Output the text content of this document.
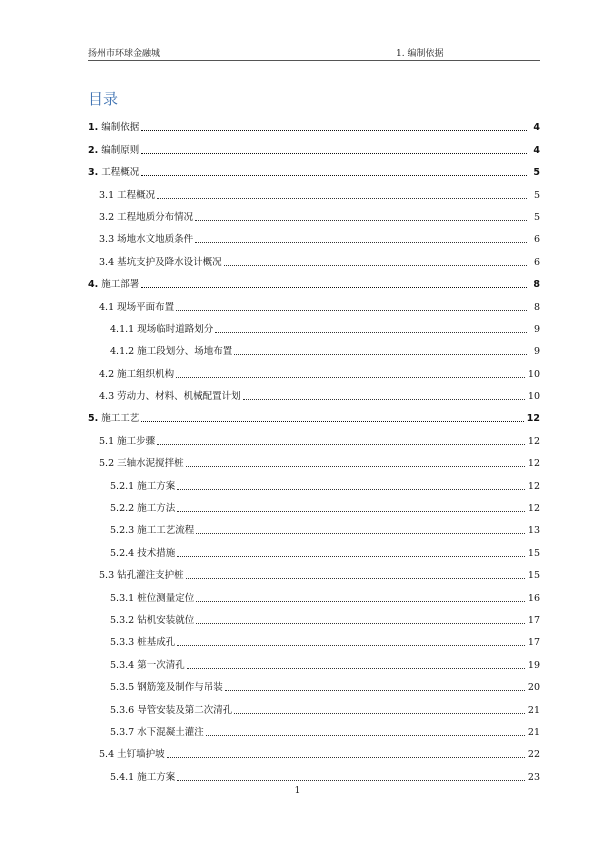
扬州市环球金融城	1. 编制依据
目录
1. 编制依据	4
2. 编制原则	4
3. 工程概况	5
3.1 工程概况	5
3.2 工程地质分布情况	5
3.3 场地水文地质条件	6
3.4 基坑支护及降水设计概况	6
4. 施工部署	8
4.1 现场平面布置	8
4.1.1 现场临时道路划分	9
4.1.2 施工段划分、场地布置	9
4.2 施工组织机构	10
4.3 劳动力、材料、机械配置计划	10
5. 施工工艺	12
5.1 施工步骤	12
5.2 三轴水泥搅拌桩	12
5.2.1 施工方案	12
5.2.2 施工方法	12
5.2.3 施工工艺流程	13
5.2.4 技术措施	15
5.3 钻孔灌注支护桩	15
5.3.1 桩位测量定位	16
5.3.2 钻机安装就位	17
5.3.3 桩基成孔	17
5.3.4 第一次清孔	19
5.3.5 钢筋笼及制作与吊装	20
5.3.6 导管安装及第二次清孔	21
5.3.7 水下混凝土灌注	21
5.4 土钉墙护坡	22
5.4.1 施工方案	23
1
